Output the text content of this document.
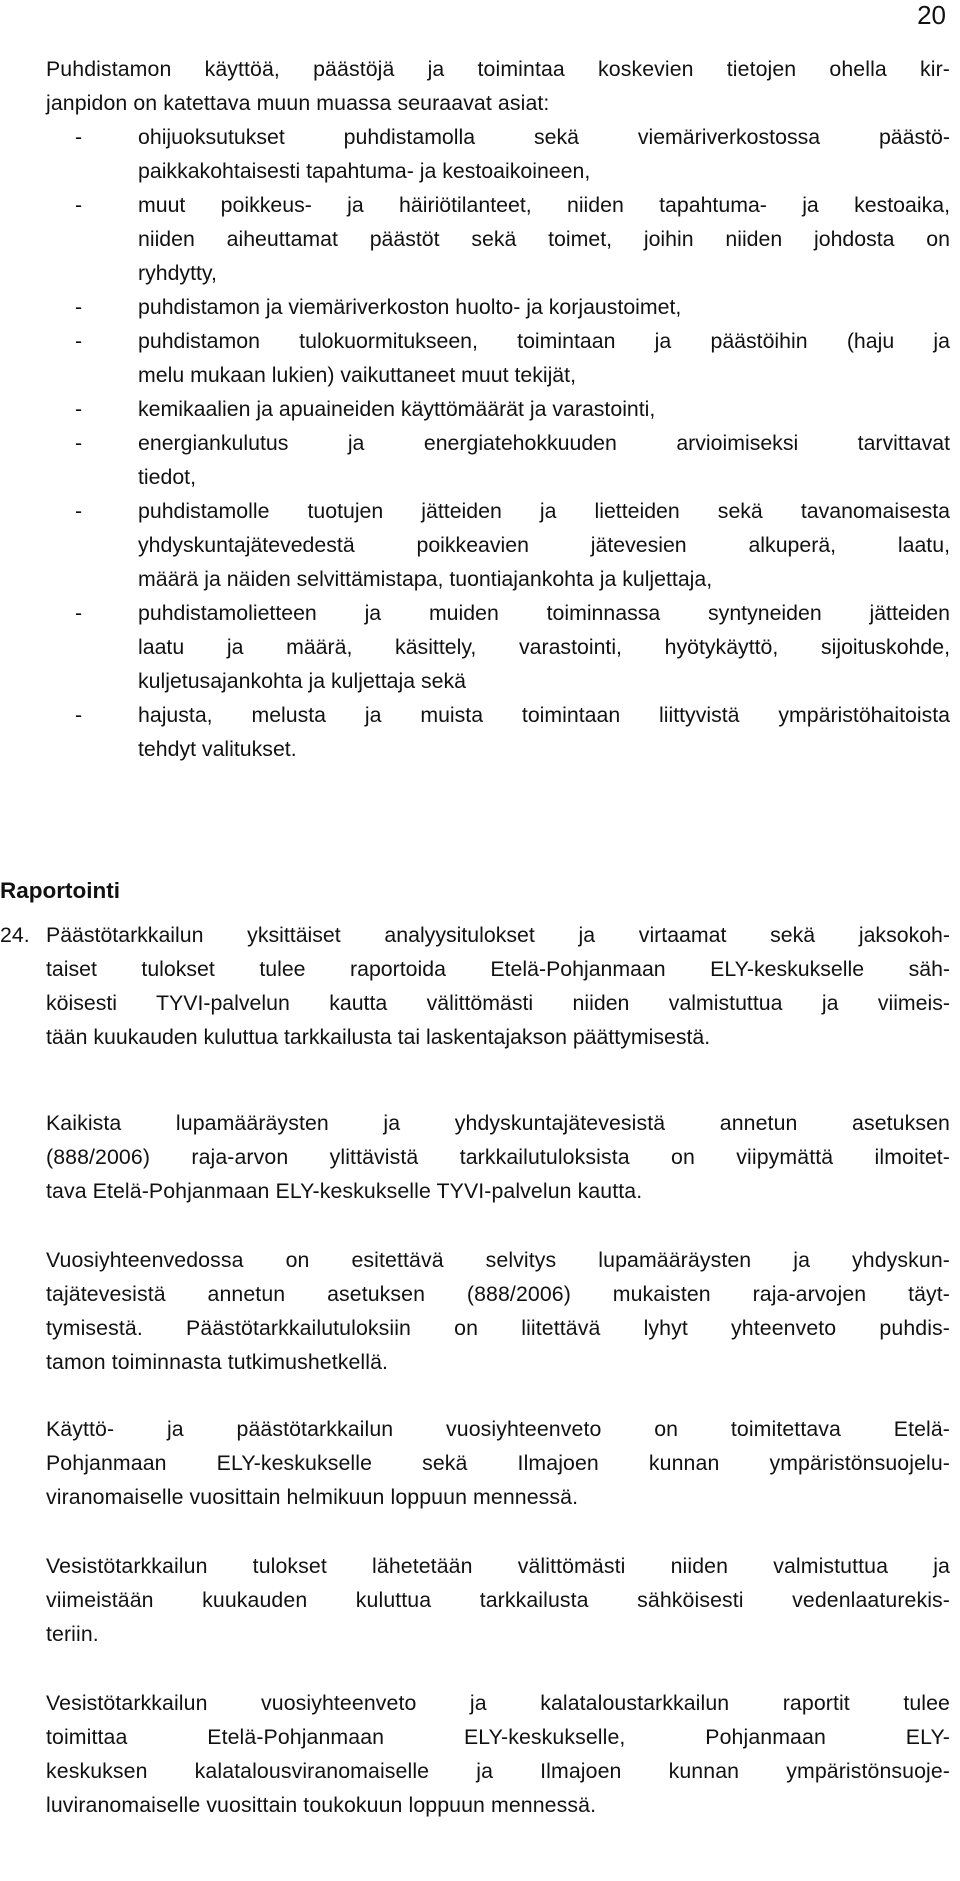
20
Puhdistamon käyttöä, päästöjä ja toimintaa koskevien tietojen ohella kir-
janpidon on katettava muun muassa seuraavat asiat:
-	ohijuoksutukset puhdistamolla sekä viemäriverkostossa päästö-
paikkakohtaisesti tapahtuma- ja kestoaikoineen,
-	muut poikkeus- ja häiriötilanteet, niiden tapahtuma- ja kestoaika,
niiden aiheuttamat päästöt sekä toimet, joihin niiden johdosta on
ryhdytty,
-	puhdistamon ja viemäriverkoston huolto- ja korjaustoimet,
-	puhdistamon tulokuormitukseen, toimintaan ja päästöihin (haju ja
melu mukaan lukien) vaikuttaneet muut tekijät,
-	kemikaalien ja apuaineiden käyttömäärät ja varastointi,
-	energiankulutus ja energiatehokkuuden arvioimiseksi tarvittavat
tiedot,
-	puhdistamolle tuotujen jätteiden ja lietteiden sekä tavanomaisesta
yhdyskuntajätevedestä poikkeavien jätevesien alkuperä, laatu,
määrä ja näiden selvittämistapa, tuontiajankohta ja kuljettaja,
-	puhdistamolietteen ja muiden toiminnassa syntyneiden jätteiden
laatu ja määrä, käsittely, varastointi, hyötykäyttö, sijoituskohde,
kuljetusajankohta ja kuljettaja sekä
-	hajusta, melusta ja muista toimintaan liittyvistä ympäristöhaitoista
tehdyt valitukset.
Raportointi
24. Päästötarkkailun yksittäiset analyysitulokset ja virtaamat sekä jaksokoh-
taiset tulokset tulee raportoida Etelä-Pohjanmaan ELY-keskukselle säh-
köisesti TYVI-palvelun kautta välittömästi niiden valmistuttua ja viimeis-
tään kuukauden kuluttua tarkkailusta tai laskentajakson päättymisestä.
Kaikista lupamääräysten ja yhdyskuntajätevesistä annetun asetuksen
(888/2006) raja-arvon ylittävistä tarkkailutuloksista on viipymättä ilmoitet-
tava Etelä-Pohjanmaan ELY-keskukselle TYVI-palvelun kautta.
Vuosiyhteenvedossa on esitettävä selvitys lupamääräysten ja yhdyskun-
tajätevesistä annetun asetuksen (888/2006) mukaisten raja-arvojen täyt-
tymisestä. Päästötarkkailutuloksiin on liitettävä lyhyt yhteenveto puhdis-
tamon toiminnasta tutkimushetkellä.
Käyttö- ja päästötarkkailun vuosiyhteenveto on toimitettava Etelä-
Pohjanmaan ELY-keskukselle sekä Ilmajoen kunnan ympäristönsuojelu-
viranomaiselle vuosittain helmikuun loppuun mennessä.
Vesistötarkkailun tulokset lähetetään välittömästi niiden valmistuttua ja
viimeistään kuukauden kuluttua tarkkailusta sähköisesti vedenlaaturekis-
teriin.
Vesistötarkkailun vuosiyhteenveto ja kalataloustarkkailun raportit tulee
toimittaa Etelä-Pohjanmaan ELY-keskukselle, Pohjanmaan ELY-
keskuksen kalatalousviranomaiselle ja Ilmajoen kunnan ympäristönsuoje-
luviranomaiselle vuosittain toukokuun loppuun mennessä.
